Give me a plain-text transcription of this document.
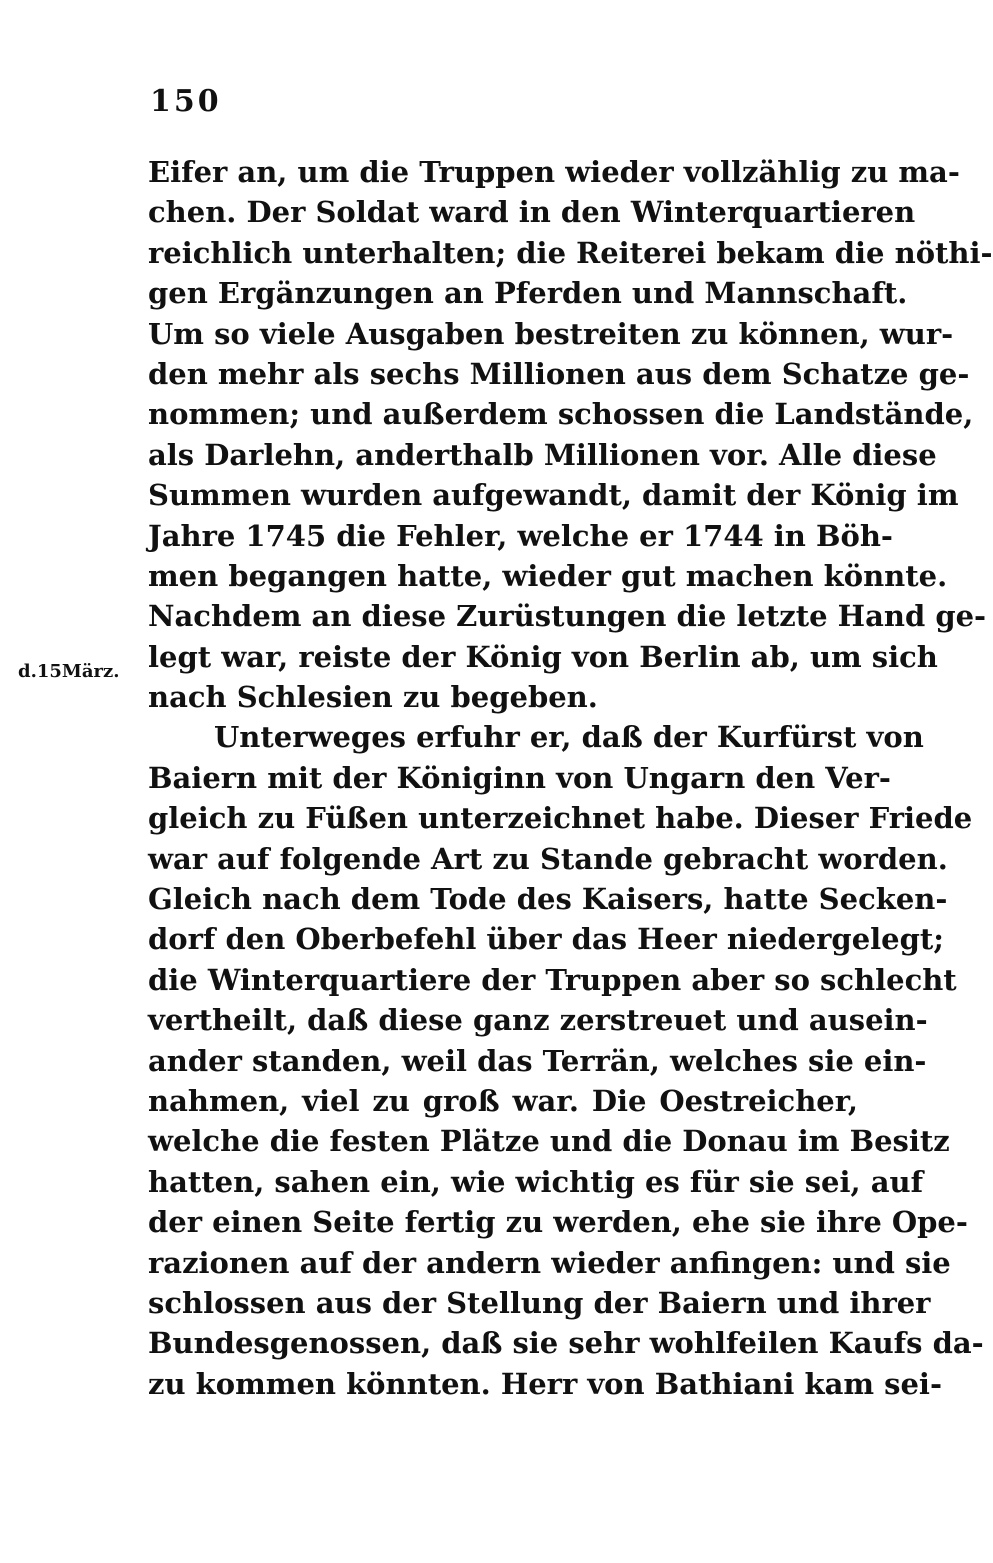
150
d.15März.
Eifer an, um die Truppen wieder vollzählig zu ma-
chen. Der Soldat ward in den Winterquartieren
reichlich unterhalten; die Reiterei bekam die nöthi-
gen Ergänzungen an Pferden und Mannschaft.
Um so viele Ausgaben bestreiten zu können, wur-
den mehr als sechs Millionen aus dem Schatze ge-
nommen; und außerdem schossen die Landstände,
als Darlehn, anderthalb Millionen vor. Alle diese
Summen wurden aufgewandt, damit der König im
Jahre 1745 die Fehler, welche er 1744 in Böh-
men begangen hatte, wieder gut machen könnte.
Nachdem an diese Zurüstungen die letzte Hand ge-
legt war, reiste der König von Berlin ab, um sich
nach Schlesien zu begeben.
Unterweges erfuhr er, daß der Kurfürst von
Baiern mit der Königinn von Ungarn den Ver-
gleich zu Füßen unterzeichnet habe. Dieser Friede
war auf folgende Art zu Stande gebracht worden.
Gleich nach dem Tode des Kaisers, hatte Secken-
dorf den Oberbefehl über das Heer niedergelegt;
die Winterquartiere der Truppen aber so schlecht
vertheilt, daß diese ganz zerstreuet und ausein-
ander standen, weil das Terrän, welches sie ein-
nahmen, viel zu groß war. Die Oestreicher,
welche die festen Plätze und die Donau im Besitz
hatten, sahen ein, wie wichtig es für sie sei, auf
der einen Seite fertig zu werden, ehe sie ihre Ope-
razionen auf der andern wieder anfingen: und sie
schlossen aus der Stellung der Baiern und ihrer
Bundesgenossen, daß sie sehr wohlfeilen Kaufs da-
zu kommen könnten. Herr von Bathiani kam sei-
